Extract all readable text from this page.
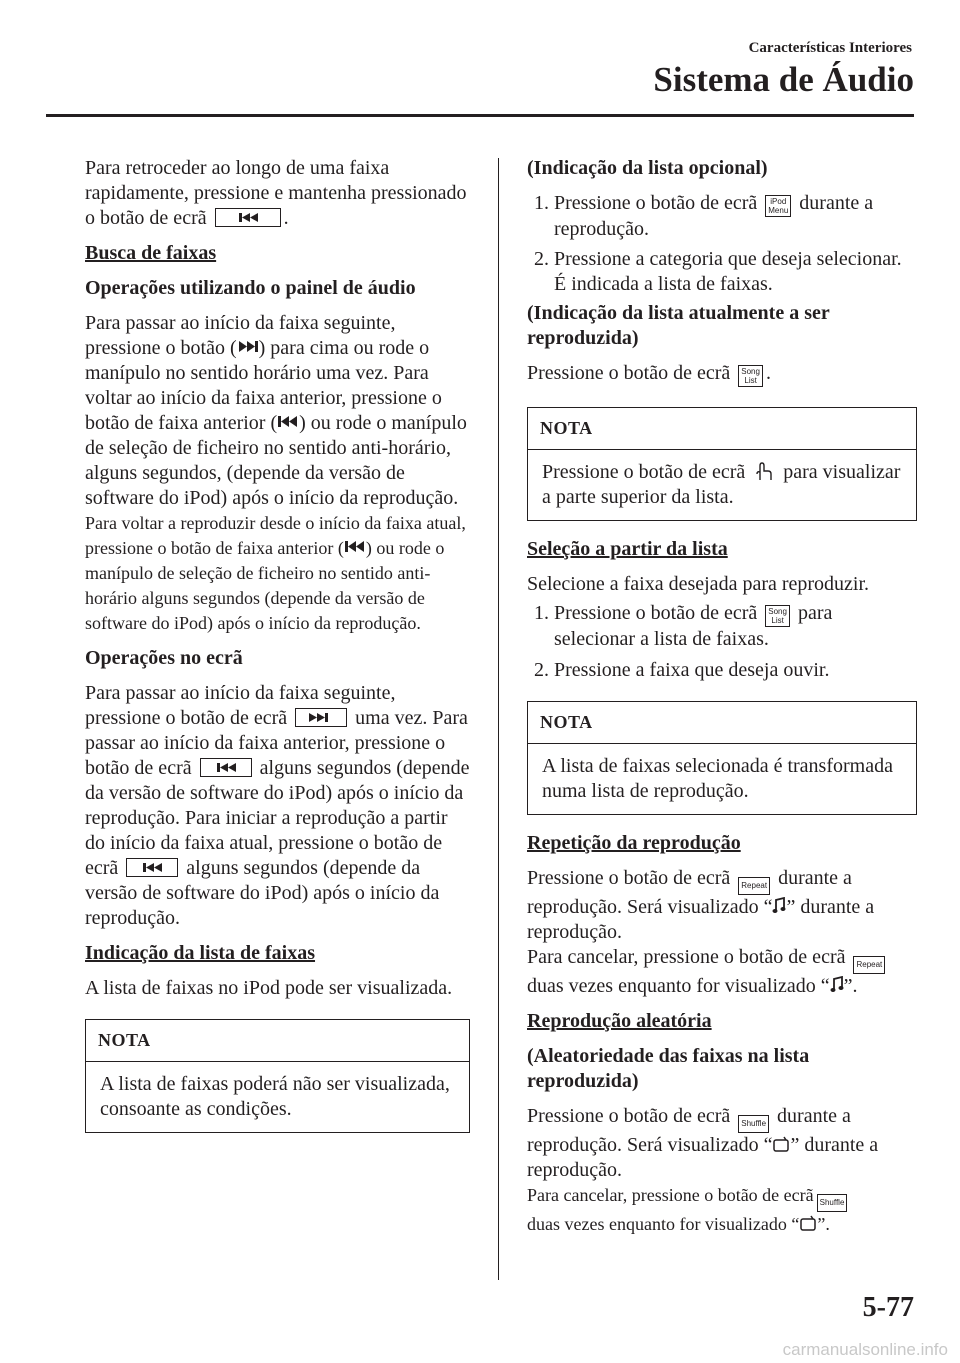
Características Interiores
Sistema de Áudio

Para retroceder ao longo de uma faixa rapidamente, pressione e mantenha pressionado o botão de ecrã	.

Busca de faixas

Operações utilizando o painel de áudio

Para passar ao início da faixa seguinte, pressione o botão ( ) para cima ou rode o manípulo no sentido horário uma vez. Para voltar ao início da faixa anterior, pressione o botão de faixa anterior ( ) ou rode o manípulo de seleção de ficheiro no sentido anti-horário, alguns segundos, (depende da versão de software do iPod) após o início da reprodução.

Para voltar a reproduzir desde o início da faixa atual, pressione o botão de faixa anterior ( ) ou rode o manípulo de seleção de ficheiro no sentido anti-horário alguns segundos (depende da versão de software do iPod) após o início da reprodução.

Operações no ecrã

Para passar ao início da faixa seguinte, pressione o botão de ecrã	uma vez. Para passar ao início da faixa anterior, pressione o botão de ecrã	alguns segundos (depende da versão de software do iPod) após o início da reprodução. Para iniciar a reprodução a partir do início da faixa atual, pressione o botão de ecrã	alguns segundos (depende da versão de software do iPod) após o início da reprodução.

Indicação da lista de faixas

A lista de faixas no iPod pode ser visualizada.

NOTA
A lista de faixas poderá não ser visualizada, consoante as condições.

(Indicação da lista opcional)

1. Pressione o botão de ecrã iPod
Menu durante a reprodução.
2. Pressione a categoria que deseja selecionar. É indicada a lista de faixas.

(Indicação da lista atualmente a ser reproduzida)

Pressione o botão de ecrã Song
List .

NOTA
Pressione o botão de ecrã para visualizar a parte superior da lista.

Seleção a partir da lista

Selecione a faixa desejada para reproduzir.

1. Pressione o botão de ecrã Song
List para selecionar a lista de faixas.
2. Pressione a faixa que deseja ouvir.
NOTA
A lista de faixas selecionada é transformada numa lista de reprodução.

Repetição da reprodução

Pressione o botão de ecrã Repeat durante a reprodução. Será visualizado “ ” durante a reprodução.
Para cancelar, pressione o botão de ecrã Repeat duas vezes enquanto for visualizado “ ”.

Reprodução aleatória

(Aleatoriedade das faixas na lista reproduzida)

Pressione o botão de ecrã Shuffle durante a reprodução. Será visualizado “ ” durante a reprodução.

Para cancelar, pressione o botão de ecrã Shuffle
duas vezes enquanto for visualizado “ ”.

5-77
carmanualsonline.info
